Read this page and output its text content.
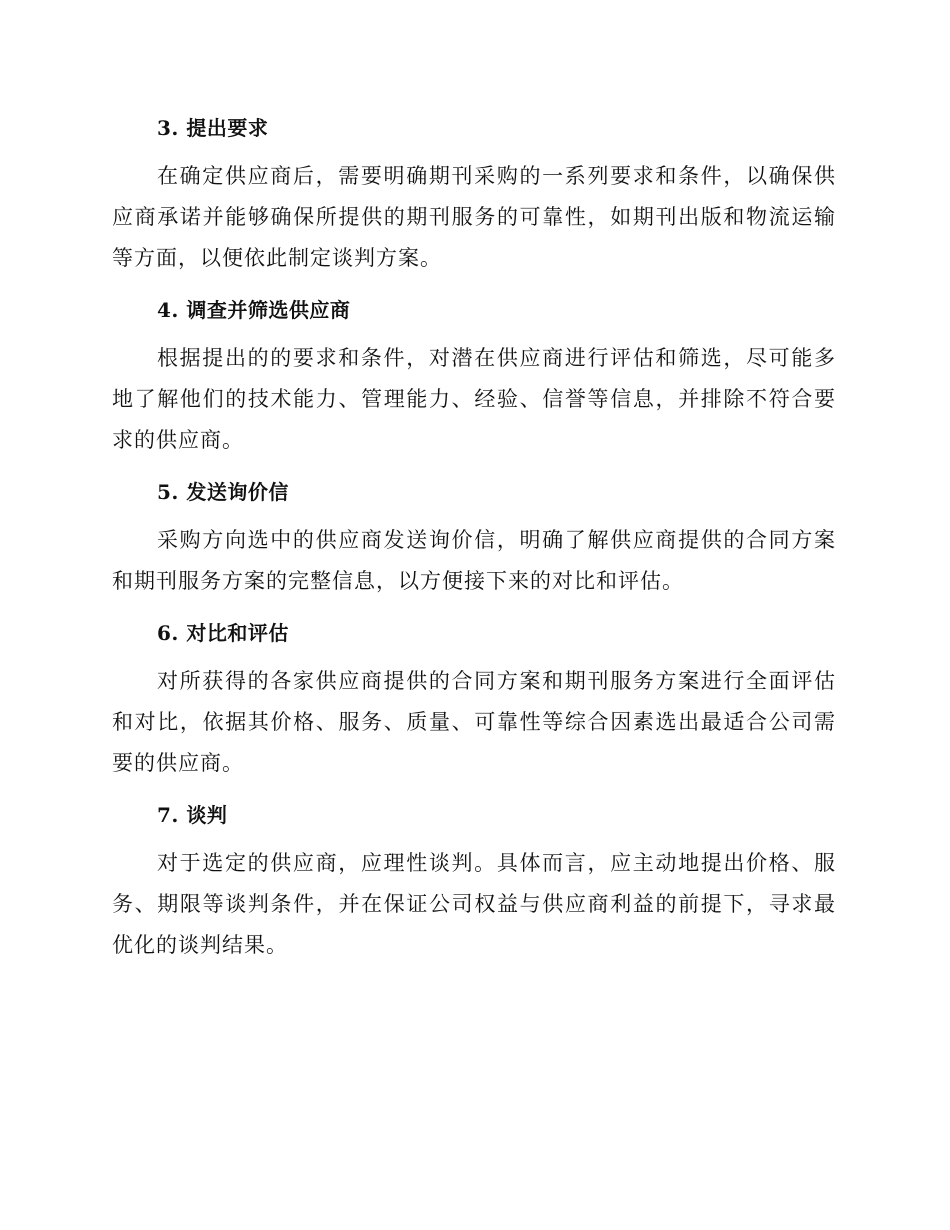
3. 提出要求

在确定供应商后，需要明确期刊采购的一系列要求和条件，以确保供应商承诺并能够确保所提供的期刊服务的可靠性，如期刊出版和物流运输等方面，以便依此制定谈判方案。

4. 调查并筛选供应商

根据提出的的要求和条件，对潜在供应商进行评估和筛选，尽可能多地了解他们的技术能力、管理能力、经验、信誉等信息，并排除不符合要求的供应商。

5. 发送询价信

采购方向选中的供应商发送询价信，明确了解供应商提供的合同方案和期刊服务方案的完整信息，以方便接下来的对比和评估。

6. 对比和评估

对所获得的各家供应商提供的合同方案和期刊服务方案进行全面评估和对比，依据其价格、服务、质量、可靠性等综合因素选出最适合公司需要的供应商。

7. 谈判

对于选定的供应商，应理性谈判。具体而言，应主动地提出价格、服务、期限等谈判条件，并在保证公司权益与供应商利益的前提下，寻求最优化的谈判结果。
